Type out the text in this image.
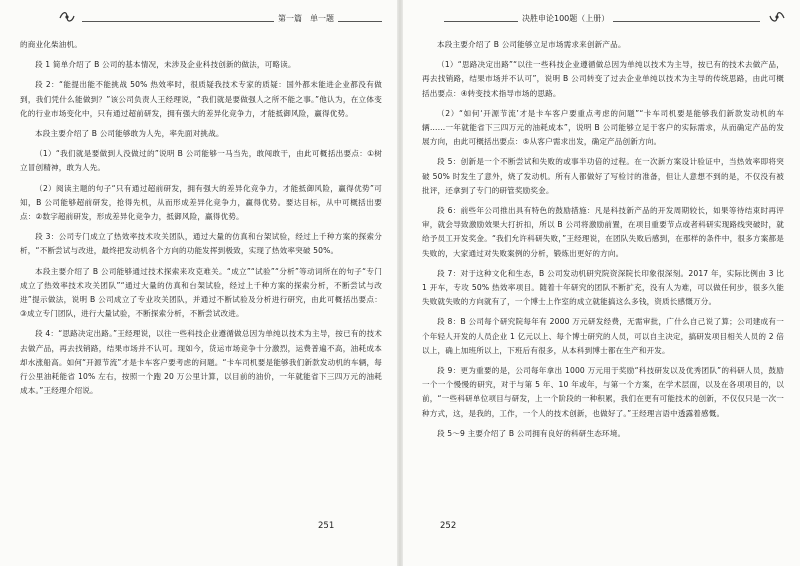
第一篇　单一题

的商业化柴油机。

段 1 简单介绍了 B 公司的基本情况，未涉及企业科技创新的做法，可略读。

段 2：“能提出能不能挑战 50% 热效率时，很质疑我技术专家的质疑：国外都未能进企业都没有做到，我们凭什么能做到？”该公司负责人王经理说，“我们就是要做强人之所不能之事。”他认为，在立体变化的行业市场变化中，只有通过超前研发，拥有强大的差异化竞争力，才能抵御风险，赢得优势。

本段主要介绍了 B 公司能够敢为人先，率先面对挑战。

（1）“我们就是要做到人没做过的”说明 B 公司能够一马当先，敢闯敢干，由此可概括出要点：①树立冒创精神，敢为人先。

（2）阅读主题的句子“只有通过超前研发，拥有强大的差异化竞争力，才能抵御风险，赢得优势”可知，B 公司能够超前研发，抢得先机，从而形成差异化竞争力，赢得优势。要达目标，从中可概括出要点：②数字超前研发，形成差异化竞争力，抵御风险，赢得优势。

段 3：公司专门成立了热效率技术攻关团队，通过大量的仿真和台架试验，经过上千种方案的探索分析，“不断尝试与改进，最终把发动机各个方向的功能发挥到极致，实现了热效率突破 50%。

本段主要介绍了 B 公司能够通过技术探索来攻克难关。“成立”“试验”“分析”等动词所在的句子“专门成立了热效率技术攻关团队”“通过大量的仿真和台架试验，经过上千种方案的探索分析，不断尝试与改进”提示做法，说明 B 公司成立了专业攻关团队，并通过不断试验及分析进行研究，由此可概括出要点：③成立专门团队，进行大量试验，不断探索分析，不断尝试改进。

段 4：“思路决定出路。”王经理说，以往一些科技企业遵循做总因为单纯以技术为主导，按已有的技术去做产品，再去找销路，结果市场并不认可。现如今，货运市场竞争十分激烈，运费普遍不高，油耗成本却水涨船高。如何“开源节流”才是卡车客户要考虑的问题。“卡车司机要是能够我们新款发动机的车辆，每行公里油耗能省 10% 左右，按照一个跑 20 万公里计算，以目前的油价，一年就能省下三四万元的油耗成本。”王经理介绍说。

251
决胜申论100题（上册）

本段主要介绍了 B 公司能够立足市场需求来创新产品。

（1）“思路决定出路”“以往一些科技企业遵循做总因为单纯以技术为主导，按已有的技术去做产品，再去找销路，结果市场并不认可”，说明 B 公司转变了过去企业单纯以技术为主导的传统思路，由此可概括出要点：④转变技术指导市场的思路。

（2）“如何‘开源节流’才是卡车客户要重点考虑的问题”“卡车司机要是能够我们新款发动机的车辆……一年就能省下三四万元的油耗成本”，说明 B 公司能够立足于客户的实际需求，从而确定产品的发展方向，由此可概括出要点：⑤从客户需求出发，确定产品创新方向。

段 5：创新是一个不断尝试和失败的或事半功倍的过程。在一次新方案设计验证中，当热效率即将突破 50% 时发生了意外，烧了发动机。所有人都做好了写检讨的准备，但让人意想不到的是，不仅没有被批评，还拿到了专门的研管奖励奖金。

段 6：前些年公司推出具有特色的鼓励措施：凡是科技新产品的开发周期较长，如果等待结束时再评审，就会导致激励效果大打折扣，所以 B 公司将激励前置，在项目重要节点或者科研实现路线突破时，就给予员工开发奖金。“我们允许科研失败，”王经理说，在团队失败后感到，在那样的条件中，很多方案都是失败的，大家通过对失败案例的分析，锻炼出更好的方向。

段 7：对于这种文化和生态，B 公司发动机研究院资深院长印象很深刻。2017 年，实际比例由 3 比 1 开车，专攻 50% 热效率项目。随着十年研究的团队不断扩充，没有人为难，可以做任何步，很多久能失败就失败的方向就有了，一个博士上作室的成立就能搞这么多钱，资质长感慨万分。

段 8：B 公司每个研究院每年有 2000 万元研发经费，无需审批，广什么自己说了算；公司建成有一个年轻人开发的人员企业 1 亿元以上、每个博士研究的人员，可以自主决定，搞研发项目相关人员的 2 倍以上，确上加班所以上，下班后有很多，从本科到博士都在生产和开发。

段 9：更为重要的是，公司每年拿出 1000 万元用于奖励“科技研发以及优秀团队”的科研人员，鼓励一个一个慢慢的研究，对于与第 5 年、10 年或年，与第一个方案，在学术层面，以及在各项项目的，以前，“一些科研单位项目与研发，上一个阶段的一种积累，我们在更有可能技术的创新，不仅仅只是一次一种方式，这，是我的，工作，一个人的技术创新，也做好了。”王经理言语中透露着感慨。

段 5～9 主要介绍了 B 公司拥有良好的科研生态环境。

252
